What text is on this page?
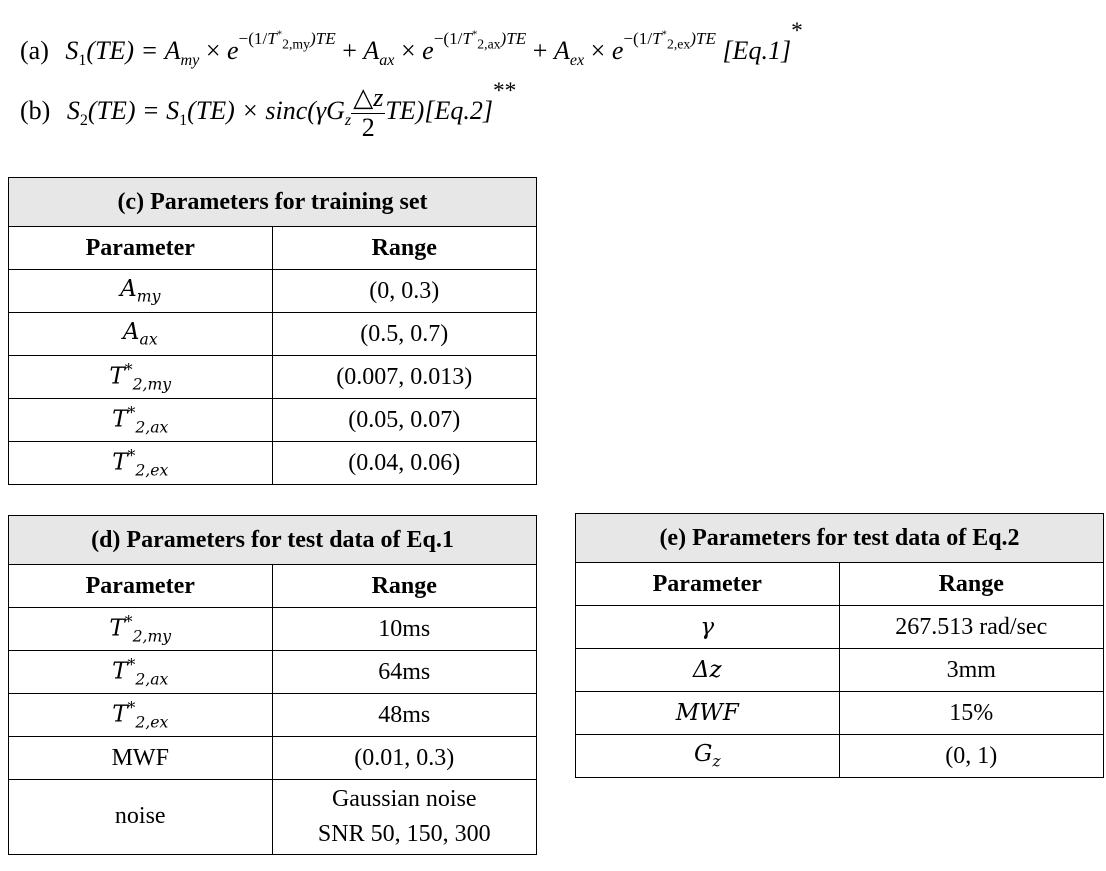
(a) $S_1(TE) = A_{my} \times e^{-(1/T^*_{2,my})TE} + A_{ax} \times e^{-(1/T^*_{2,ax})TE} + A_{ex} \times e^{-(1/T^*_{2,ex})TE}$ [Eq.1]*
(b) $S_2(TE) = S_1(TE) \times \sin c(\gamma G_z \frac{\triangle z}{2} TE)[Eq.2]**$
(c) Parameters for training set	
Parameter	Range
$A_{my}$	(0, 0.3)
$A_{ax}$	(0.5, 0.7)
$T^*_{2,my}$	(0.007, 0.013)
$T^*_{2,ax}$	(0.05, 0.07)
$T^*_{2,ex}$	(0.04, 0.06)
(d) Parameters for test data of Eq.1	
Parameter	Range
$T^*_{2,my}$	10ms
$T^*_{2,ax}$	64ms
$T^*_{2,ex}$	48ms
MWF	(0.01, 0.3)
noise	Gaussian noise
SNR 50, 150, 300
(e) Parameters for test data of Eq.2	
Parameter	Range
γ	267.513 rad/sec
Δz	3mm
MWF	15%
$G_z$	(0, 1)
